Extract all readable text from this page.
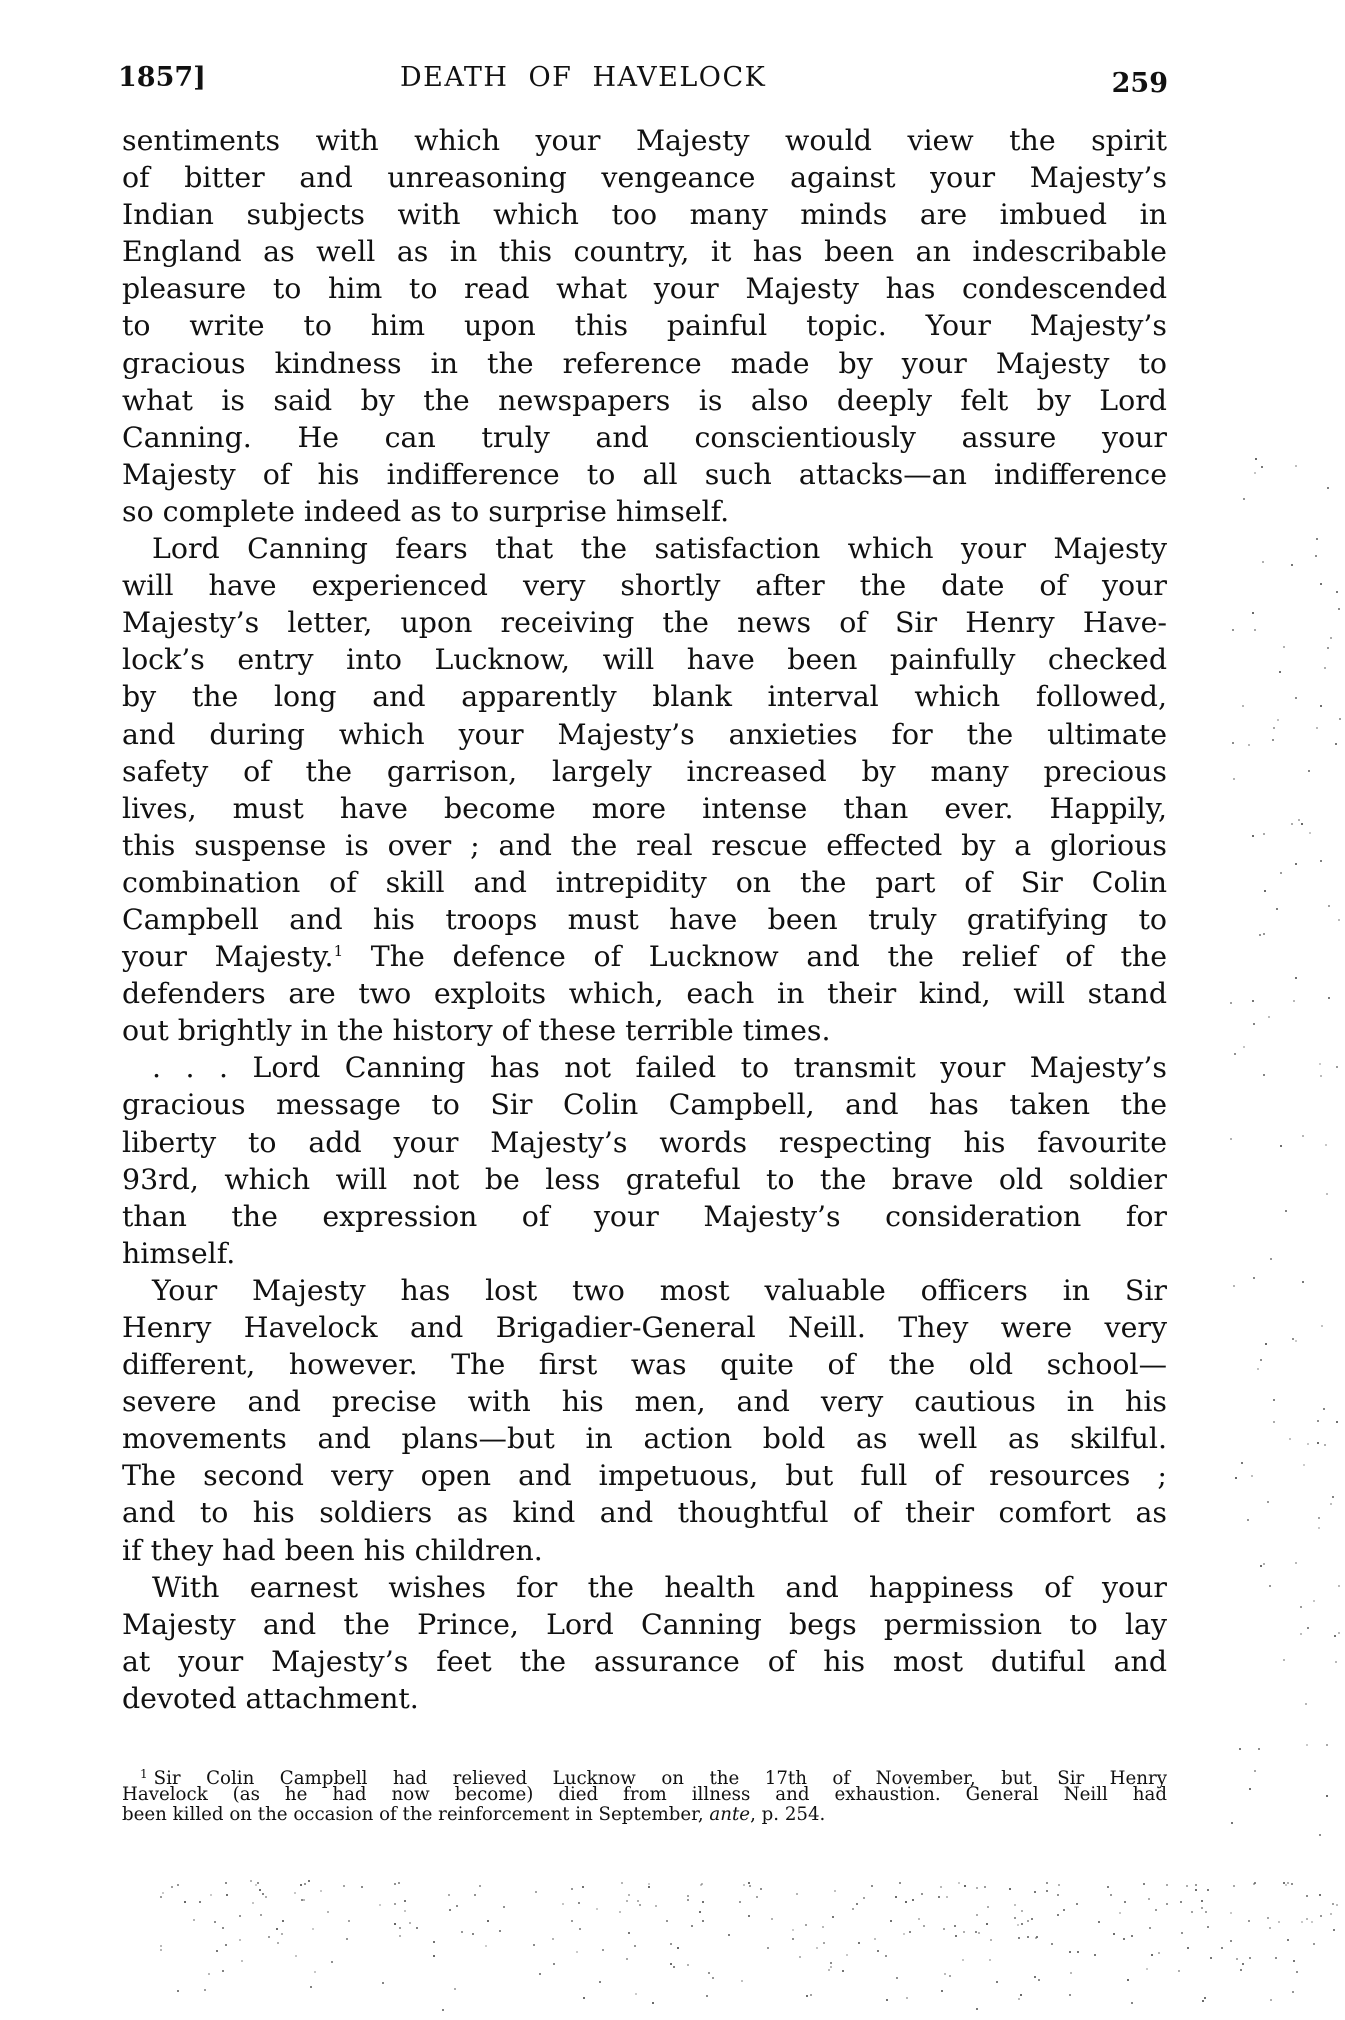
1857]	DEATH OF HAVELOCK	259
sentiments with which your Majesty would view the spirit
of bitter and unreasoning vengeance against your Majesty’s
Indian subjects with which too many minds are imbued in
England as well as in this country, it has been an indescribable
pleasure to him to read what your Majesty has condescended
to write to him upon this painful topic. Your Majesty’s
gracious kindness in the reference made by your Majesty to
what is said by the newspapers is also deeply felt by Lord
Canning. He can truly and conscientiously assure your
Majesty of his indifference to all such attacks—an indifference
so complete indeed as to surprise himself.
Lord Canning fears that the satisfaction which your Majesty
will have experienced very shortly after the date of your
Majesty’s letter, upon receiving the news of Sir Henry Have-
lock’s entry into Lucknow, will have been painfully checked
by the long and apparently blank interval which followed,
and during which your Majesty’s anxieties for the ultimate
safety of the garrison, largely increased by many precious
lives, must have become more intense than ever. Happily,
this suspense is over ; and the real rescue effected by a glorious
combination of skill and intrepidity on the part of Sir Colin
Campbell and his troops must have been truly gratifying to
your Majesty.$^1$ The defence of Lucknow and the relief of the
defenders are two exploits which, each in their kind, will stand
out brightly in the history of these terrible times.
. . . Lord Canning has not failed to transmit your Majesty’s
gracious message to Sir Colin Campbell, and has taken the
liberty to add your Majesty’s words respecting his favourite
93rd, which will not be less grateful to the brave old soldier
than the expression of your Majesty’s consideration for
himself.
Your Majesty has lost two most valuable officers in Sir
Henry Havelock and Brigadier-General Neill. They were very
different, however. The first was quite of the old school—
severe and precise with his men, and very cautious in his
movements and plans—but in action bold as well as skilful.
The second very open and impetuous, but full of resources ;
and to his soldiers as kind and thoughtful of their comfort as
if they had been his children.
With earnest wishes for the health and happiness of your
Majesty and the Prince, Lord Canning begs permission to lay
at your Majesty’s feet the assurance of his most dutiful and
devoted attachment.
$^1$ Sir Colin Campbell had relieved Lucknow on the 17th of November, but Sir Henry
Havelock (as he had now become) died from illness and exhaustion. General Neill had
been killed on the occasion of the reinforcement in September, ante, p. 254.
